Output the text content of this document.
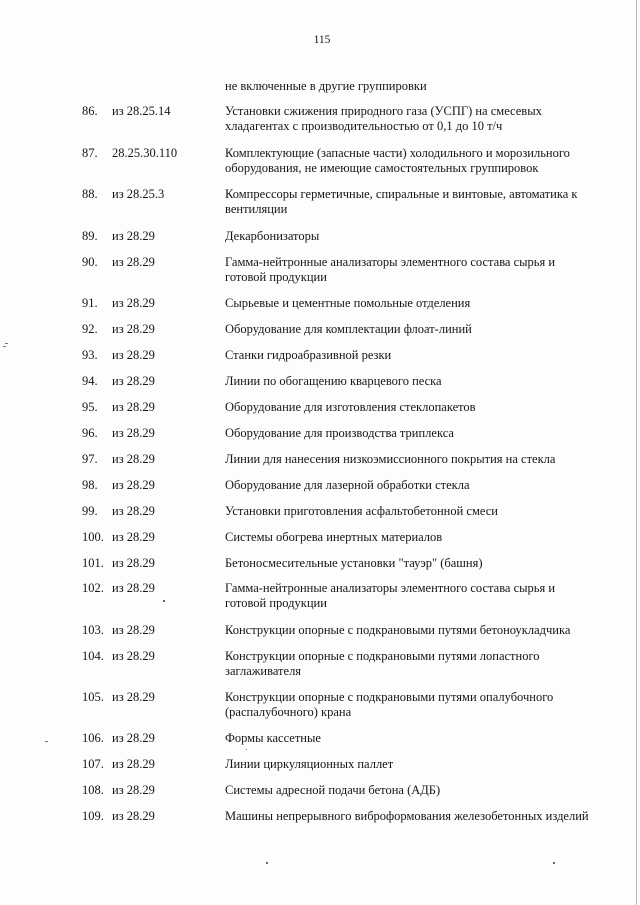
115
не включенные в другие группировки
86.	из 28.25.14	Установки сжижения природного газа (УСПГ) на смесевых хладагентах с производительностью от 0,1 до 10 т/ч
87.	28.25.30.110	Комплектующие (запасные части) холодильного и морозильного оборудования, не имеющие самостоятельных группировок
88.	из 28.25.3	Компрессоры герметичные, спиральные и винтовые, автоматика к вентиляции
89.	из 28.29	Декарбонизаторы
90.	из 28.29	Гамма-нейтронные анализаторы элементного состава сырья и готовой продукции
91.	из 28.29	Сырьевые и цементные помольные отделения
92.	из 28.29	Оборудование для комплектации флоат-линий
93.	из 28.29	Станки гидроабразивной резки
94.	из 28.29	Линии по обогащению кварцевого песка
95.	из 28.29	Оборудование для изготовления стеклопакетов
96.	из 28.29	Оборудование для производства триплекса
97.	из 28.29	Линии для нанесения низкоэмиссионного покрытия на стекла
98.	из 28.29	Оборудование для лазерной обработки стекла
99.	из 28.29	Установки приготовления асфальтобетонной смеси
100. из 28.29	Системы обогрева инертных материалов
101. из 28.29	Бетоносмесительные установки "тауэр" (башня)
102. из 28.29	Гамма-нейтронные анализаторы элементного состава сырья и готовой продукции
103. из 28.29	Конструкции опорные с подкрановыми путями бетоноукладчика
104. из 28.29	Конструкции опорные с подкрановыми путями лопастного заглаживателя
105. из 28.29	Конструкции опорные с подкрановыми путями опалубочного (распалубочного) крана
106. из 28.29	Формы кассетные
107. из 28.29	Линии циркуляционных паллет
108. из 28.29	Системы адресной подачи бетона (АДБ)
109. из 28.29	Машины непрерывного виброформования железобетонных изделий
